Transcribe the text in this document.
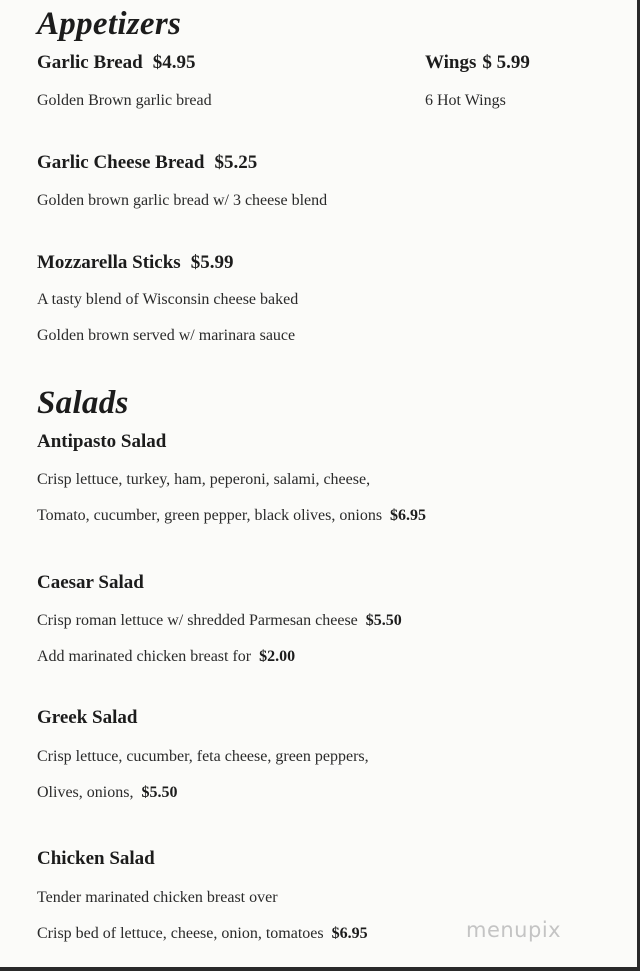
Appetizers
Garlic Bread $4.95
Golden Brown garlic bread
Wings $ 5.99
6 Hot Wings
Garlic Cheese Bread $5.25
Golden brown garlic bread w/ 3 cheese blend
Mozzarella Sticks $5.99
A tasty blend of Wisconsin cheese baked
Golden brown served w/ marinara sauce
Salads
Antipasto Salad
Crisp lettuce, turkey, ham, peperoni, salami, cheese,
Tomato, cucumber, green pepper, black olives, onions $6.95
Caesar Salad
Crisp roman lettuce w/ shredded Parmesan cheese $5.50
Add marinated chicken breast for $2.00
Greek Salad
Crisp lettuce, cucumber, feta cheese, green peppers,
Olives, onions, $5.50
Chicken Salad
Tender marinated chicken breast over
Crisp bed of lettuce, cheese, onion, tomatoes $6.95	menupix
